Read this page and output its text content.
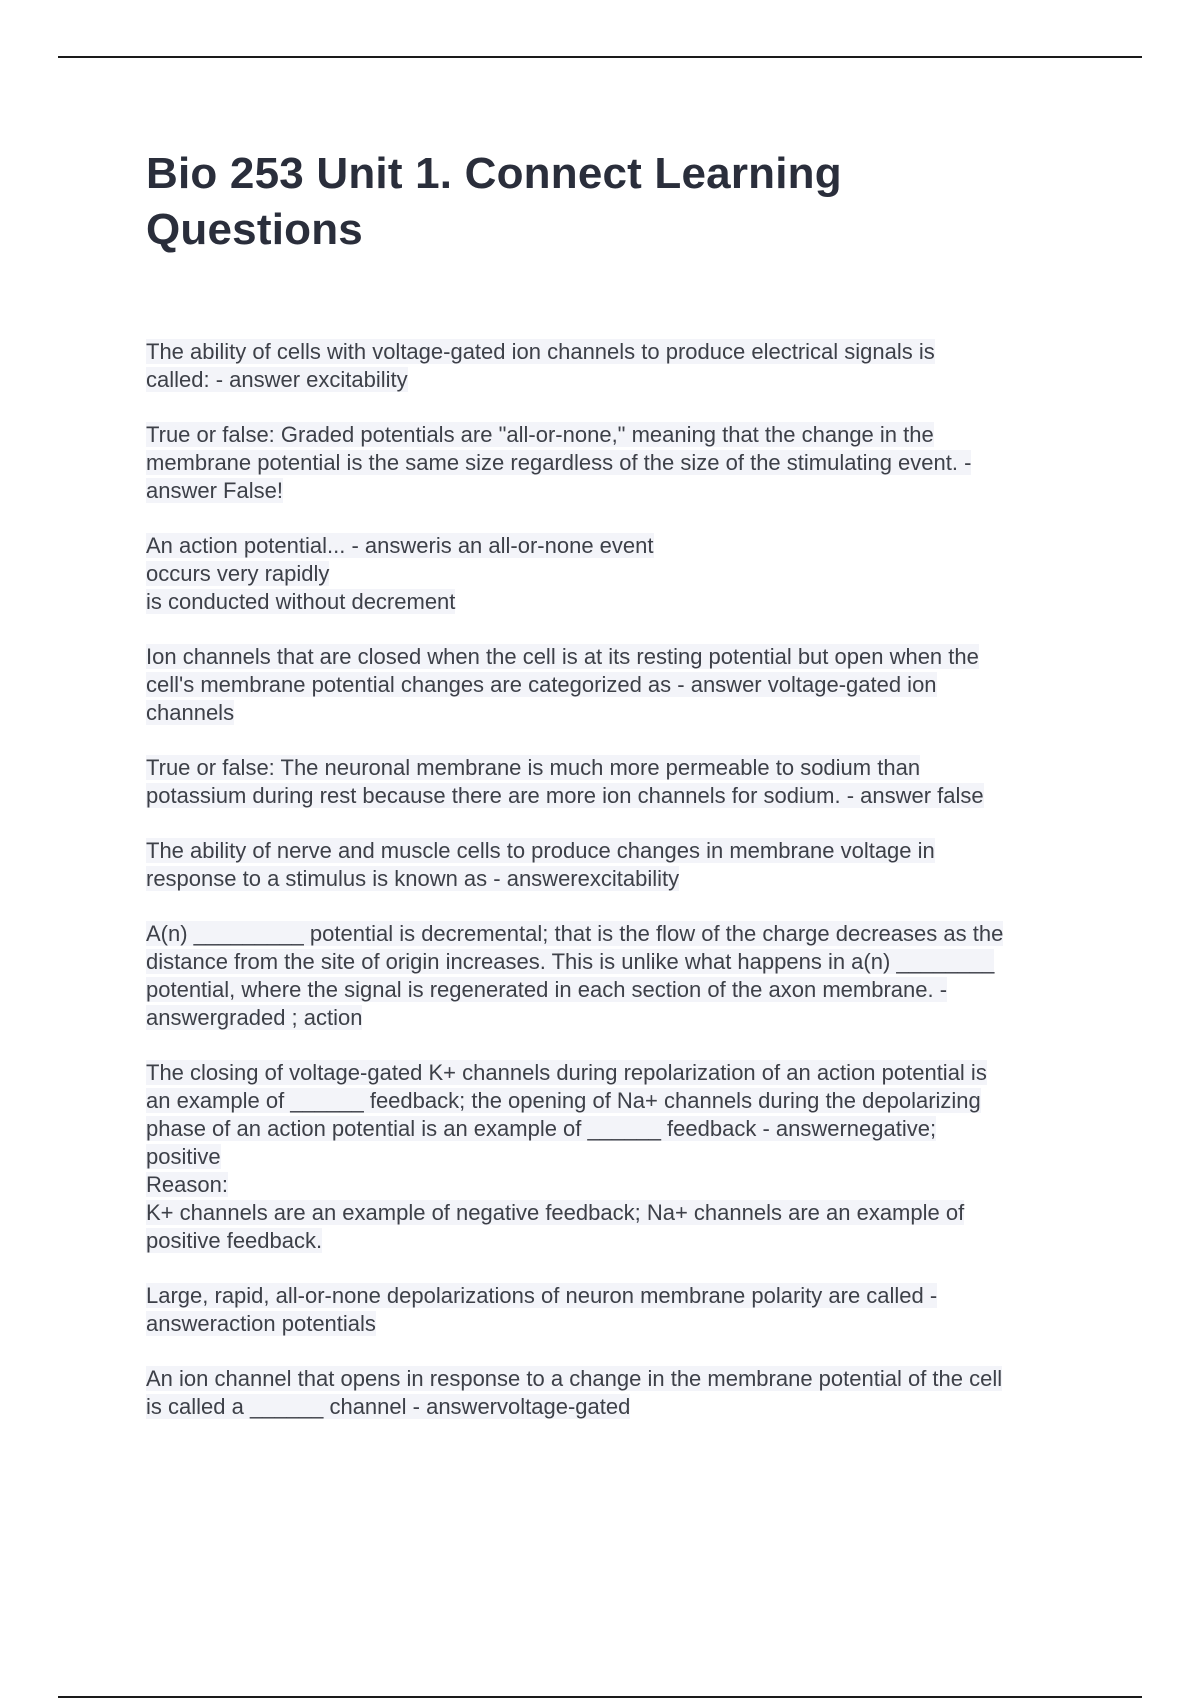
Bio 253 Unit 1. Connect Learning Questions

The ability of cells with voltage-gated ion channels to produce electrical signals is
called: - answer excitability

True or false: Graded potentials are "all-or-none," meaning that the change in the
membrane potential is the same size regardless of the size of the stimulating event. -
answer False!

An action potential... - answeris an all-or-none event
occurs very rapidly
is conducted without decrement

Ion channels that are closed when the cell is at its resting potential but open when the
cell's membrane potential changes are categorized as - answer voltage-gated ion
channels

True or false: The neuronal membrane is much more permeable to sodium than
potassium during rest because there are more ion channels for sodium. - answer false

The ability of nerve and muscle cells to produce changes in membrane voltage in
response to a stimulus is known as - answerexcitability

A(n) _________ potential is decremental; that is the flow of the charge decreases as the
distance from the site of origin increases. This is unlike what happens in a(n) ________
potential, where the signal is regenerated in each section of the axon membrane. -
answergraded ; action

The closing of voltage-gated K+ channels during repolarization of an action potential is
an example of ______ feedback; the opening of Na+ channels during the depolarizing
phase of an action potential is an example of ______ feedback - answernegative;
positive
Reason:
K+ channels are an example of negative feedback; Na+ channels are an example of
positive feedback.

Large, rapid, all-or-none depolarizations of neuron membrane polarity are called -
answeraction potentials

An ion channel that opens in response to a change in the membrane potential of the cell
is called a ______ channel - answervoltage-gated
